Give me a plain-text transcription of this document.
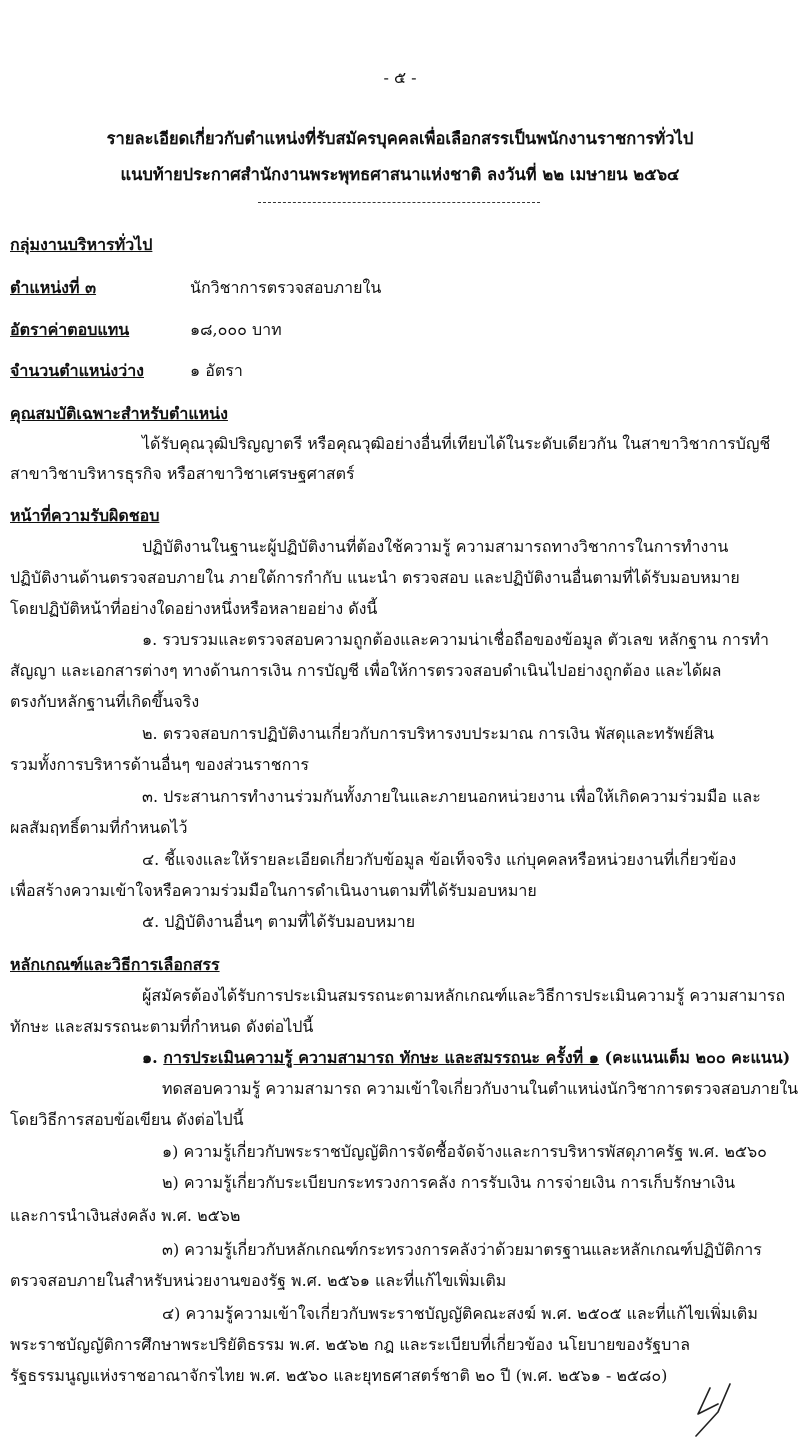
- ๕ -
รายละเอียดเกี่ยวกับตำแหน่งที่รับสมัครบุคคลเพื่อเลือกสรรเป็นพนักงานราชการทั่วไป
แนบท้ายประกาศสำนักงานพระพุทธศาสนาแห่งชาติ ลงวันที่ ๒๒ เมษายน ๒๕๖๔
กลุ่มงานบริหารทั่วไป
ตำแหน่งที่ ๓	นักวิชาการตรวจสอบภายใน
อัตราค่าตอบแทน	๑๘,๐๐๐ บาท
จำนวนตำแหน่งว่าง	๑ อัตรา
คุณสมบัติเฉพาะสำหรับตำแหน่ง
ได้รับคุณวุฒิปริญญาตรี หรือคุณวุฒิอย่างอื่นที่เทียบได้ในระดับเดียวกัน ในสาขาวิชาการบัญชี
สาขาวิชาบริหารธุรกิจ หรือสาขาวิชาเศรษฐศาสตร์
หน้าที่ความรับผิดชอบ
ปฏิบัติงานในฐานะผู้ปฏิบัติงานที่ต้องใช้ความรู้ ความสามารถทางวิชาการในการทำงาน
ปฏิบัติงานด้านตรวจสอบภายใน ภายใต้การกำกับ แนะนำ ตรวจสอบ และปฏิบัติงานอื่นตามที่ได้รับมอบหมาย
โดยปฏิบัติหน้าที่อย่างใดอย่างหนึ่งหรือหลายอย่าง ดังนี้
๑. รวบรวมและตรวจสอบความถูกต้องและความน่าเชื่อถือของข้อมูล ตัวเลข หลักฐาน การทำ
สัญญา และเอกสารต่างๆ ทางด้านการเงิน การบัญชี เพื่อให้การตรวจสอบดำเนินไปอย่างถูกต้อง และได้ผล
ตรงกับหลักฐานที่เกิดขึ้นจริง
๒. ตรวจสอบการปฏิบัติงานเกี่ยวกับการบริหารงบประมาณ การเงิน พัสดุและทรัพย์สิน
รวมทั้งการบริหารด้านอื่นๆ ของส่วนราชการ
๓. ประสานการทำงานร่วมกันทั้งภายในและภายนอกหน่วยงาน เพื่อให้เกิดความร่วมมือ และ
ผลสัมฤทธิ์ตามที่กำหนดไว้
๔. ชี้แจงและให้รายละเอียดเกี่ยวกับข้อมูล ข้อเท็จจริง แก่บุคคลหรือหน่วยงานที่เกี่ยวข้อง
เพื่อสร้างความเข้าใจหรือความร่วมมือในการดำเนินงานตามที่ได้รับมอบหมาย
๕. ปฏิบัติงานอื่นๆ ตามที่ได้รับมอบหมาย
หลักเกณฑ์และวิธีการเลือกสรร
ผู้สมัครต้องได้รับการประเมินสมรรถนะตามหลักเกณฑ์และวิธีการประเมินความรู้ ความสามารถ
ทักษะ และสมรรถนะตามที่กำหนด ดังต่อไปนี้
๑. การประเมินความรู้ ความสามารถ ทักษะ และสมรรถนะ ครั้งที่ ๑ (คะแนนเต็ม ๒๐๐ คะแนน)
ทดสอบความรู้ ความสามารถ ความเข้าใจเกี่ยวกับงานในตำแหน่งนักวิชาการตรวจสอบภายใน
โดยวิธีการสอบข้อเขียน ดังต่อไปนี้
๑) ความรู้เกี่ยวกับพระราชบัญญัติการจัดซื้อจัดจ้างและการบริหารพัสดุภาครัฐ พ.ศ. ๒๕๖๐
๒) ความรู้เกี่ยวกับระเบียบกระทรวงการคลัง การรับเงิน การจ่ายเงิน การเก็บรักษาเงิน
และการนำเงินส่งคลัง พ.ศ. ๒๕๖๒
๓) ความรู้เกี่ยวกับหลักเกณฑ์กระทรวงการคลังว่าด้วยมาตรฐานและหลักเกณฑ์ปฏิบัติการ
ตรวจสอบภายในสำหรับหน่วยงานของรัฐ พ.ศ. ๒๕๖๑ และที่แก้ไขเพิ่มเติม
๔) ความรู้ความเข้าใจเกี่ยวกับพระราชบัญญัติคณะสงฆ์ พ.ศ. ๒๕๐๕ และที่แก้ไขเพิ่มเติม
พระราชบัญญัติการศึกษาพระปริยัติธรรม พ.ศ. ๒๕๖๒ กฎ และระเบียบที่เกี่ยวข้อง นโยบายของรัฐบาล
รัฐธรรมนูญแห่งราชอาณาจักรไทย พ.ศ. ๒๕๖๐ และยุทธศาสตร์ชาติ ๒๐ ปี (พ.ศ. ๒๕๖๑ - ๒๕๘๐)
